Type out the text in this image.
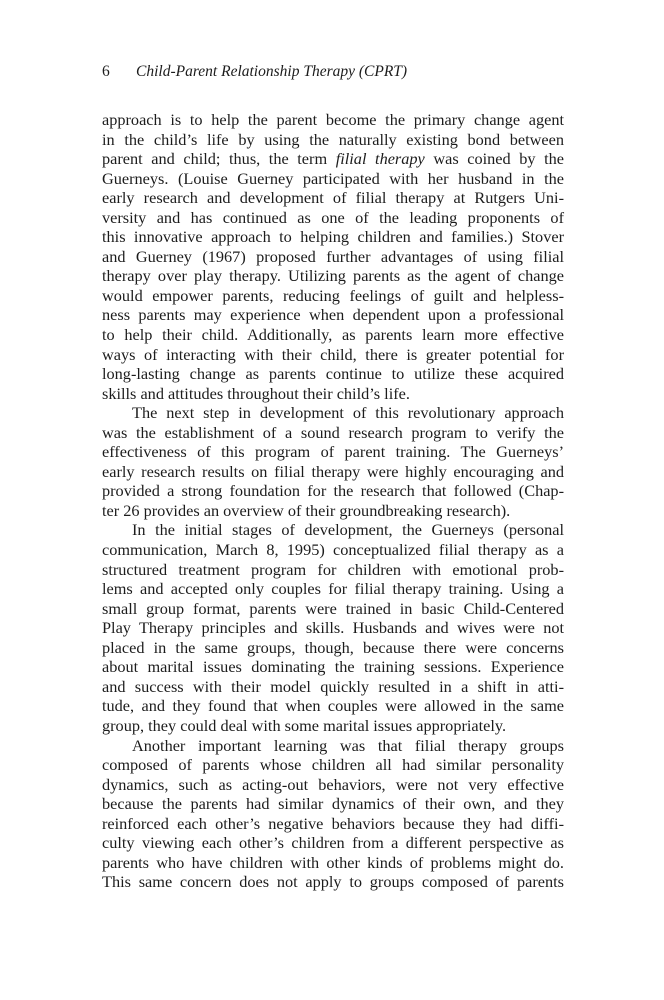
6 Child-Parent Relationship Therapy (CPRT)
approach is to help the parent become the primary change agent
in the child’s life by using the naturally existing bond between
parent and child; thus, the term filial therapy was coined by the
Guerneys. (Louise Guerney participated with her husband in the
early research and development of filial therapy at Rutgers Uni-
versity and has continued as one of the leading proponents of
this innovative approach to helping children and families.) Stover
and Guerney (1967) proposed further advantages of using filial
therapy over play therapy. Utilizing parents as the agent of change
would empower parents, reducing feelings of guilt and helpless-
ness parents may experience when dependent upon a professional
to help their child. Additionally, as parents learn more effective
ways of interacting with their child, there is greater potential for
long-lasting change as parents continue to utilize these acquired
skills and attitudes throughout their child’s life.
The next step in development of this revolutionary approach
was the establishment of a sound research program to verify the
effectiveness of this program of parent training. The Guerneys’
early research results on filial therapy were highly encouraging and
provided a strong foundation for the research that followed (Chap-
ter 26 provides an overview of their groundbreaking research).
In the initial stages of development, the Guerneys (personal
communication, March 8, 1995) conceptualized filial therapy as a
structured treatment program for children with emotional prob-
lems and accepted only couples for filial therapy training. Using a
small group format, parents were trained in basic Child-Centered
Play Therapy principles and skills. Husbands and wives were not
placed in the same groups, though, because there were concerns
about marital issues dominating the training sessions. Experience
and success with their model quickly resulted in a shift in atti-
tude, and they found that when couples were allowed in the same
group, they could deal with some marital issues appropriately.
Another important learning was that filial therapy groups
composed of parents whose children all had similar personality
dynamics, such as acting-out behaviors, were not very effective
because the parents had similar dynamics of their own, and they
reinforced each other’s negative behaviors because they had diffi-
culty viewing each other’s children from a different perspective as
parents who have children with other kinds of problems might do.
This same concern does not apply to groups composed of parents
